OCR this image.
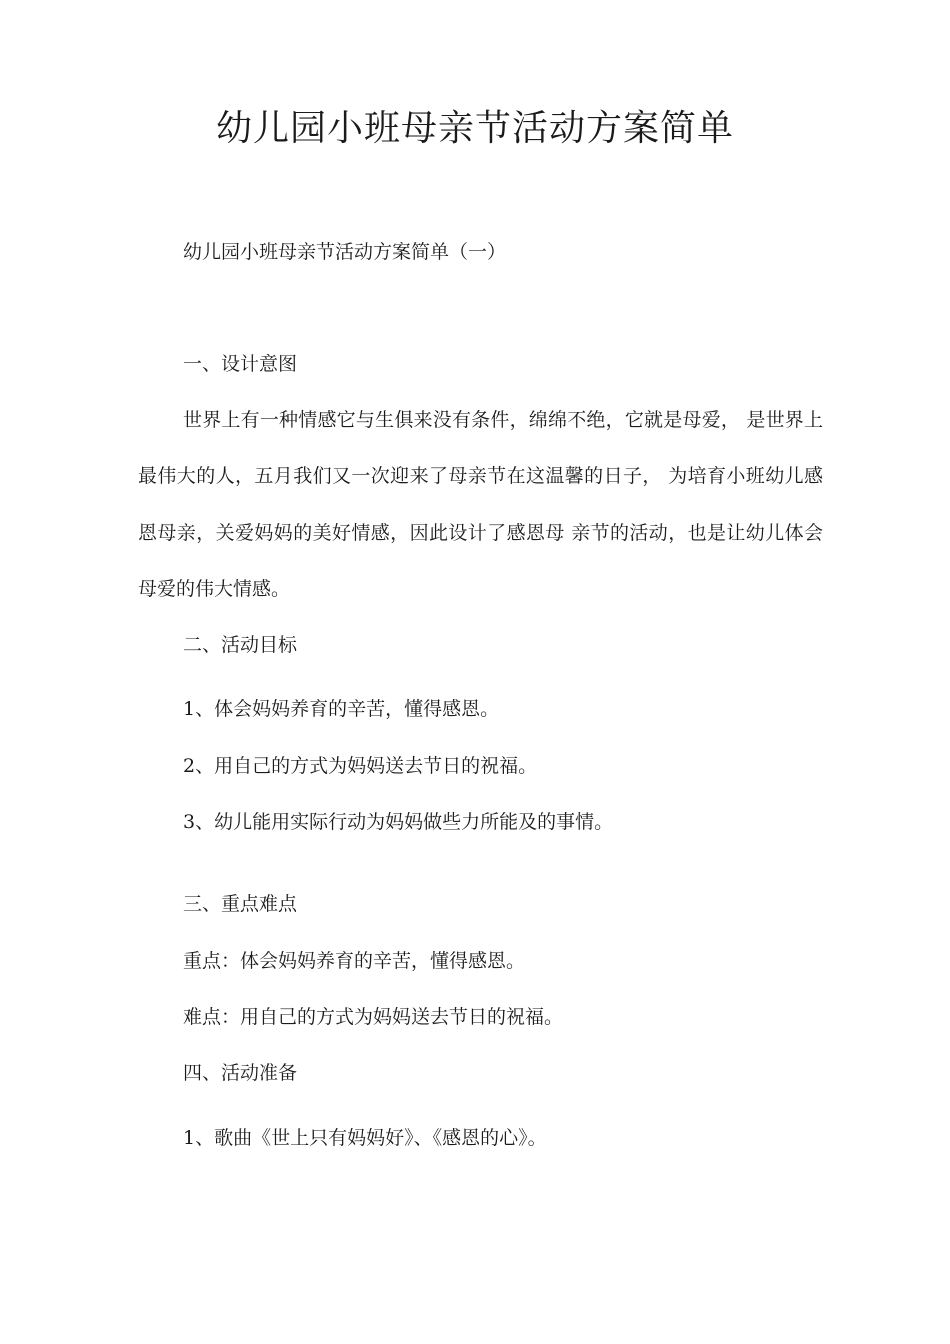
幼儿园小班母亲节活动方案简单
幼儿园小班母亲节活动方案简单（一）
一、设计意图
世界上有一种情感它与生俱来没有条件，绵绵不绝，它就是母爱， 是世界上
最伟大的人，五月我们又一次迎来了母亲节在这温馨的日子， 为培育小班幼儿感
恩母亲，关爱妈妈的美好情感，因此设计了感恩母 亲节的活动，也是让幼儿体会
母爱的伟大情感。
二、活动目标
1、体会妈妈养育的辛苦，懂得感恩。
2、用自己的方式为妈妈送去节日的祝福。
3、幼儿能用实际行动为妈妈做些力所能及的事情。
三、重点难点
重点：体会妈妈养育的辛苦，懂得感恩。
难点：用自己的方式为妈妈送去节日的祝福。
四、活动准备
1、歌曲《世上只有妈妈好》、《感恩的心》。
